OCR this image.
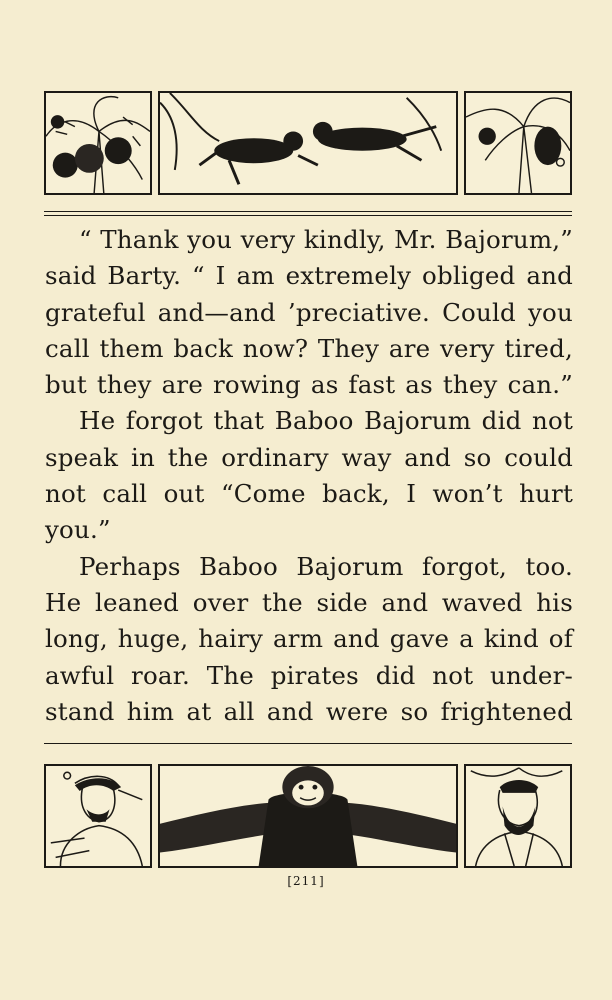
“ Thank you very kindly, Mr. Bajorum,”
said Barty. “ I am extremely obliged and
grateful and—and ’preciative. Could you
call them back now? They are very tired,
but they are rowing as fast as they can.”
He forgot that Baboo Bajorum did not
speak in the ordinary way and so could
not call out “Come back, I won’t hurt
you.”
Perhaps Baboo Bajorum forgot, too.
He leaned over the side and waved his
long, huge, hairy arm and gave a kind of
awful roar. The pirates did not under-
stand him at all and were so frightened
[211]
